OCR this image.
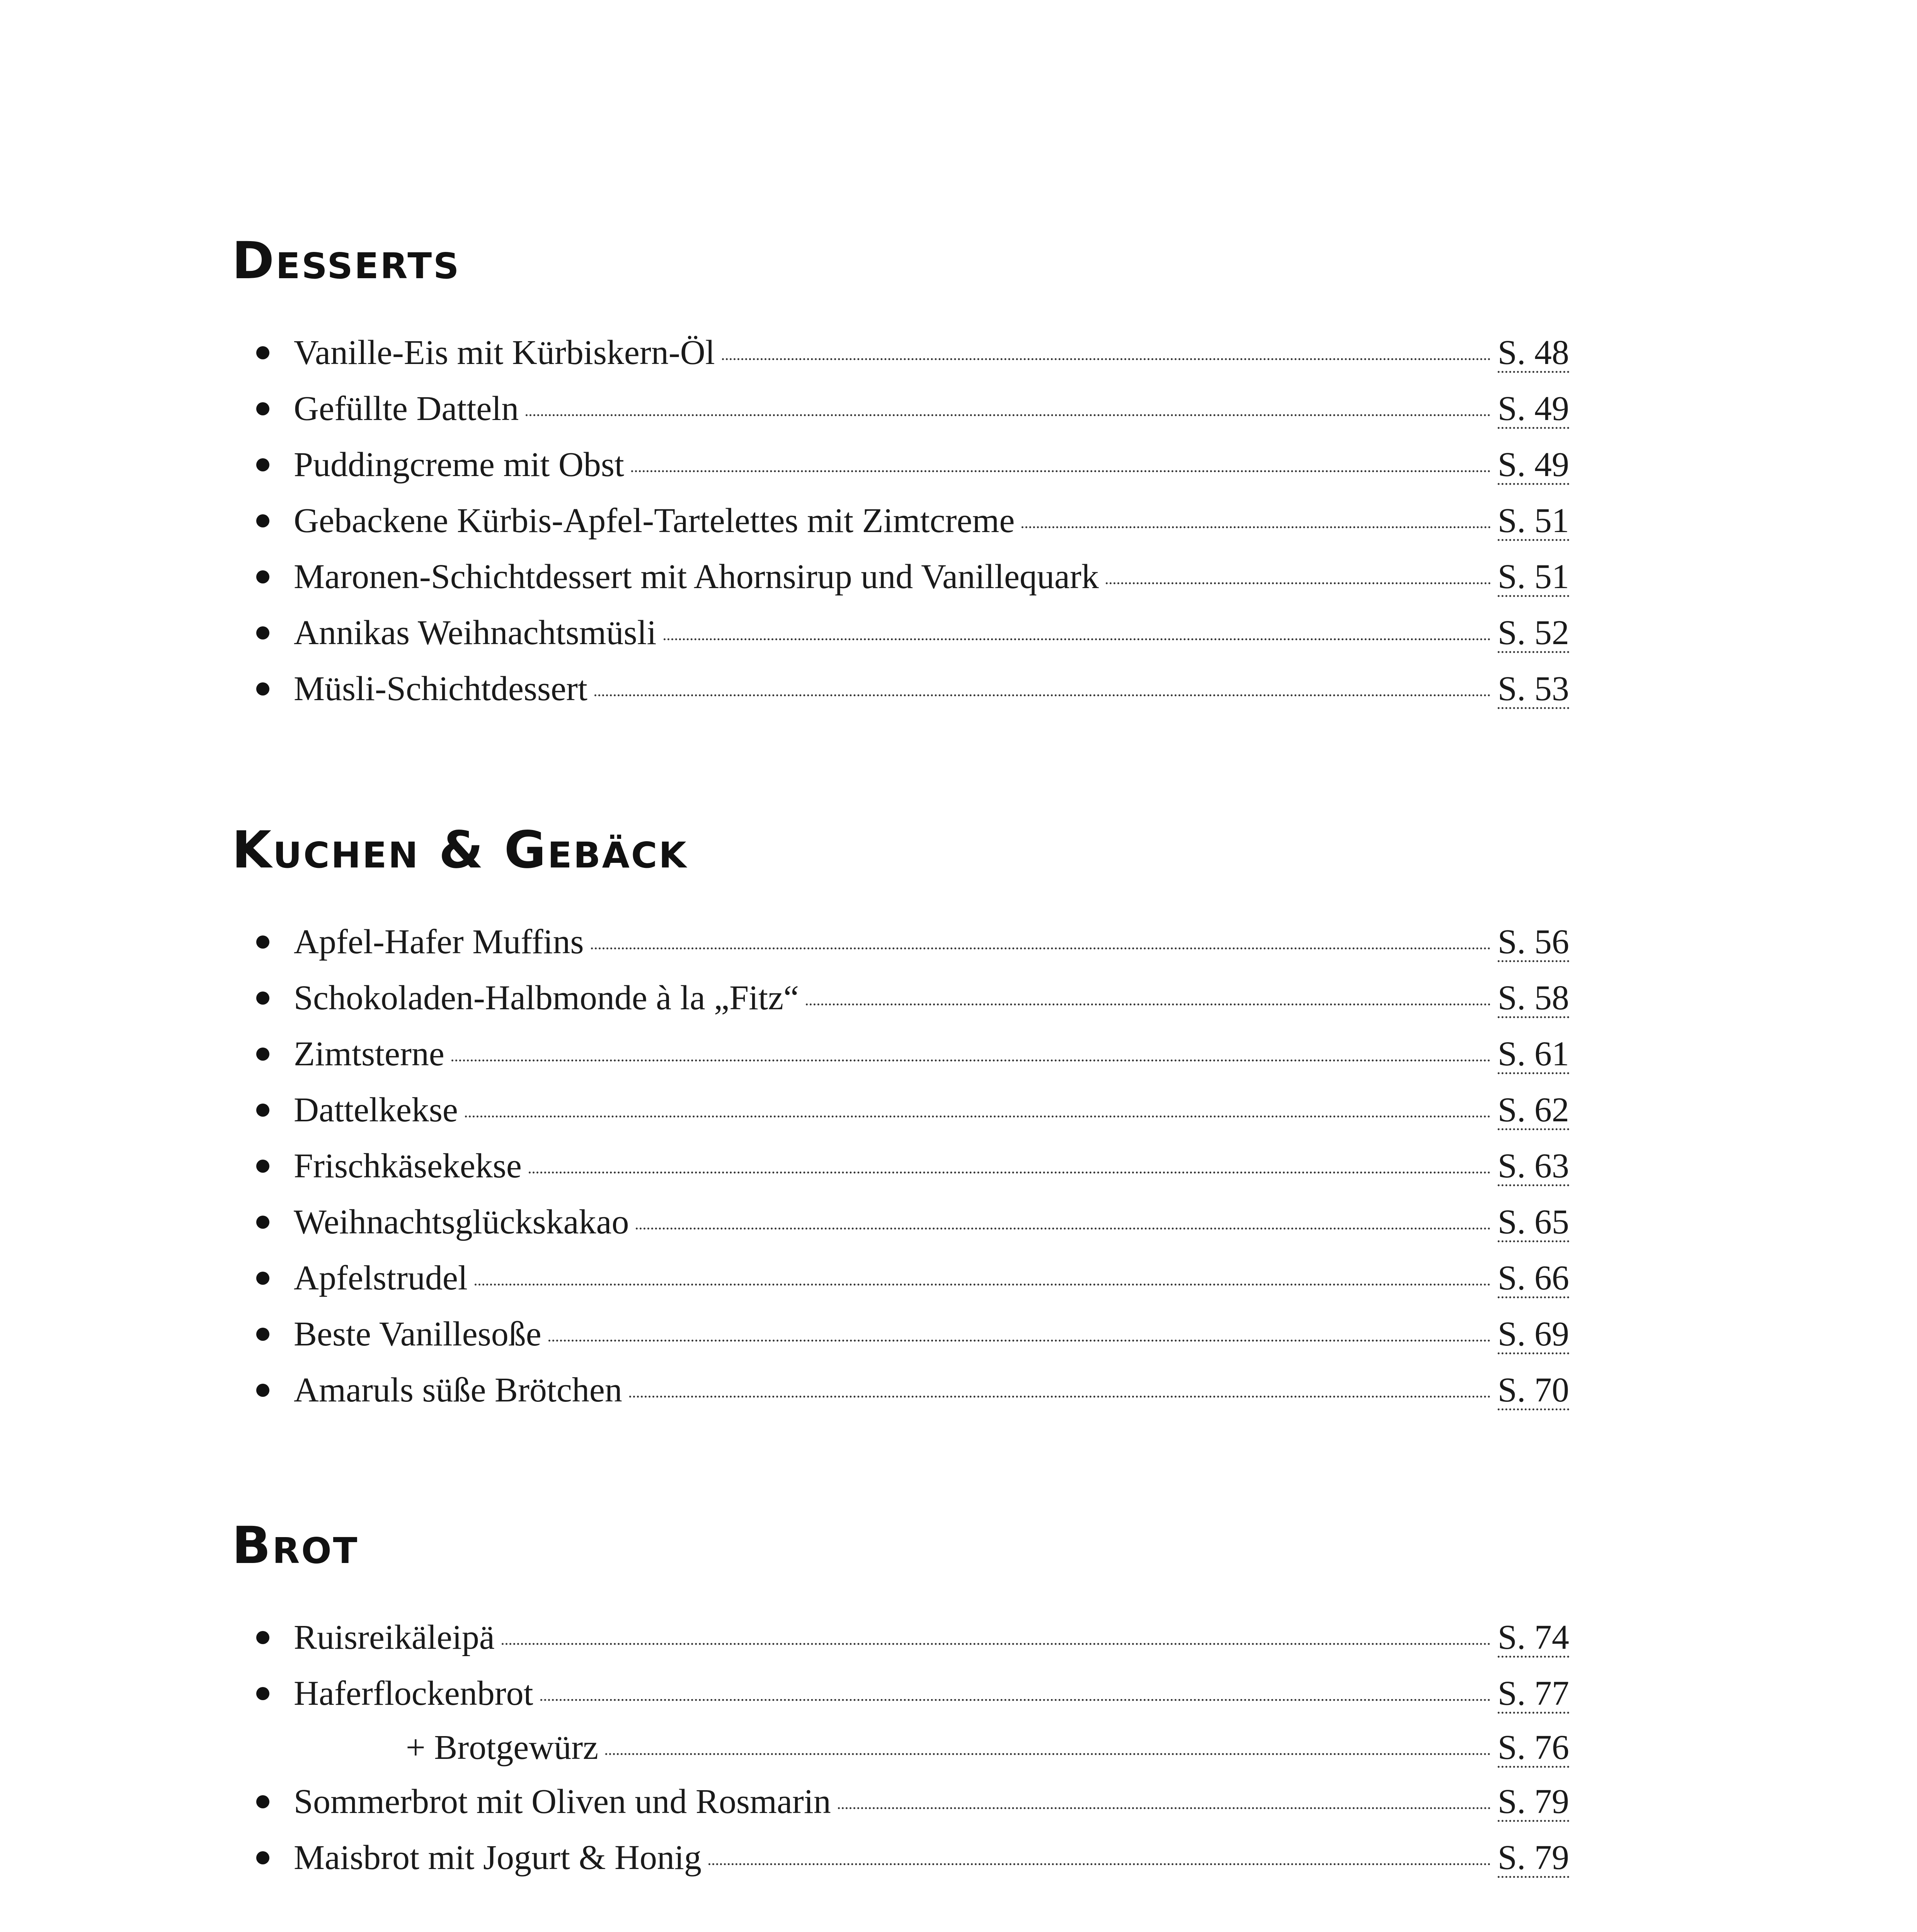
Desserts
Vanille-Eis mit Kürbiskern-Öl	S. 48
Gefüllte Datteln	S. 49
Puddingcreme mit Obst	S. 49
Gebackene Kürbis-Apfel-Tartelettes mit Zimtcreme	S. 51
Maronen-Schichtdessert mit Ahornsirup und Vanillequark	S. 51
Annikas Weihnachtsmüsli	S. 52
Müsli-Schichtdessert	S. 53
Kuchen & Gebäck
Apfel-Hafer Muffins	S. 56
Schokoladen-Halbmonde à la „Fitz“	S. 58
Zimtsterne	S. 61
Dattelkekse	S. 62
Frischkäsekekse	S. 63
Weihnachtsglückskakao	S. 65
Apfelstrudel	S. 66
Beste Vanillesoße	S. 69
Amaruls süße Brötchen	S. 70
Brot
Ruisreikäleipä	S. 74
Haferflockenbrot	S. 77
+ Brotgewürz	S. 76
Sommerbrot mit Oliven und Rosmarin	S. 79
Maisbrot mit Jogurt & Honig	S. 79
